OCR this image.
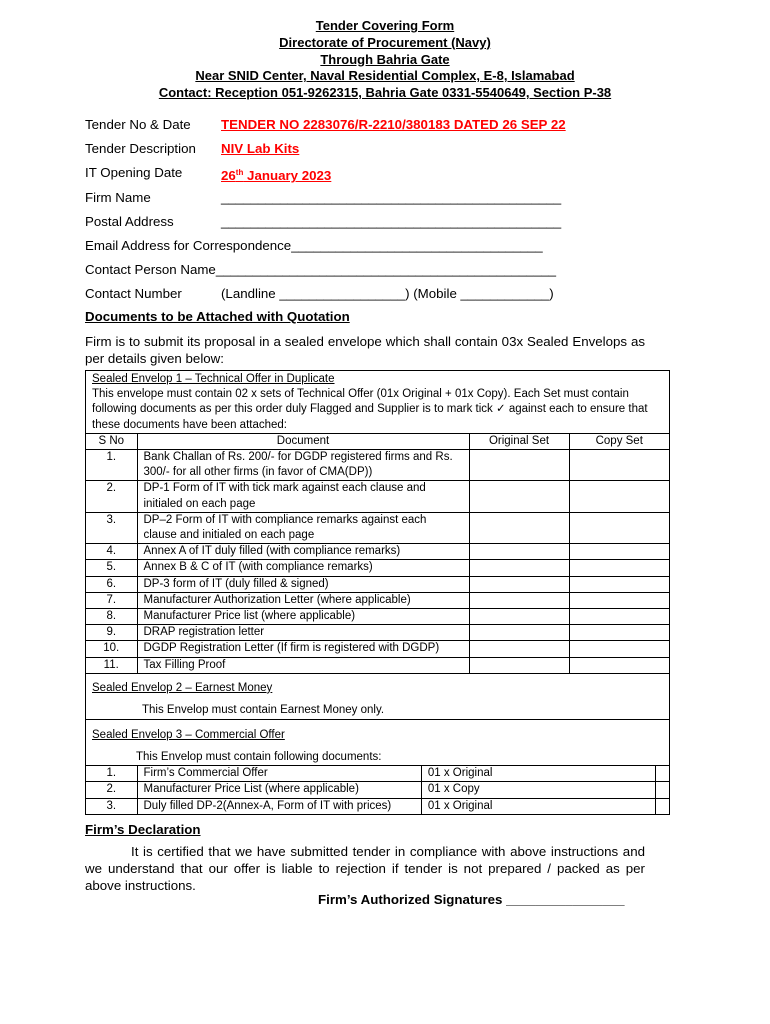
Tender Covering Form
Directorate of Procurement (Navy)
Through Bahria Gate
Near SNID Center, Naval Residential Complex, E-8, Islamabad
Contact: Reception 051-9262315, Bahria Gate 0331-5540649, Section P-38
Tender No & Date TENDER NO 2283076/R-2210/380183 DATED 26 SEP 22
Tender Description NIV Lab Kits
IT Opening Date	26th January 2023
Firm Name	______________________________________________
Postal Address	______________________________________________
Email Address for Correspondence__________________________________
Contact Person Name______________________________________________
Contact Number	(Landline _________________) (Mobile ____________)
Documents to be Attached with Quotation
Firm is to submit its proposal in a sealed envelope which shall contain 03x Sealed Envelops as per details given below:
Sealed Envelop 1 – Technical Offer in Duplicate
This envelope must contain 02 x sets of Technical Offer (01x Original + 01x Copy). Each Set must contain following documents as per this order duly Flagged and Supplier is to mark tick ✓ against each to ensure that these documents have been attached:
S No	Document	Original Set	Copy Set
1.	Bank Challan of Rs. 200/- for DGDP registered firms and Rs. 300/- for all other firms (in favor of CMA(DP))		
2.	DP-1 Form of IT with tick mark against each clause and initialed on each page		
3.	DP–2 Form of IT with compliance remarks against each clause and initialed on each page		
4.	Annex A of IT duly filled (with compliance remarks)		
5.	Annex B & C of IT (with compliance remarks)		
6.	DP-3 form of IT (duly filled & signed)		
7.	Manufacturer Authorization Letter (where applicable)		
8.	Manufacturer Price list (where applicable)		
9.	DRAP registration letter		
10.	DGDP Registration Letter (If firm is registered with DGDP)		
11.	Tax Filling Proof		
Sealed Envelop 2 – Earnest Money
This Envelop must contain Earnest Money only.
Sealed Envelop 3 – Commercial Offer
This Envelop must contain following documents:
1.	Firm’s Commercial Offer	01 x Original	
2.	Manufacturer Price List (where applicable)	01 x Copy	
3.	Duly filled DP-2(Annex-A, Form of IT with prices)	01 x Original	
Firm’s Declaration
It is certified that we have submitted tender in compliance with above instructions and we understand that our offer is liable to rejection if tender is not prepared / packed as per above instructions.
Firm’s Authorized Signatures ________________
